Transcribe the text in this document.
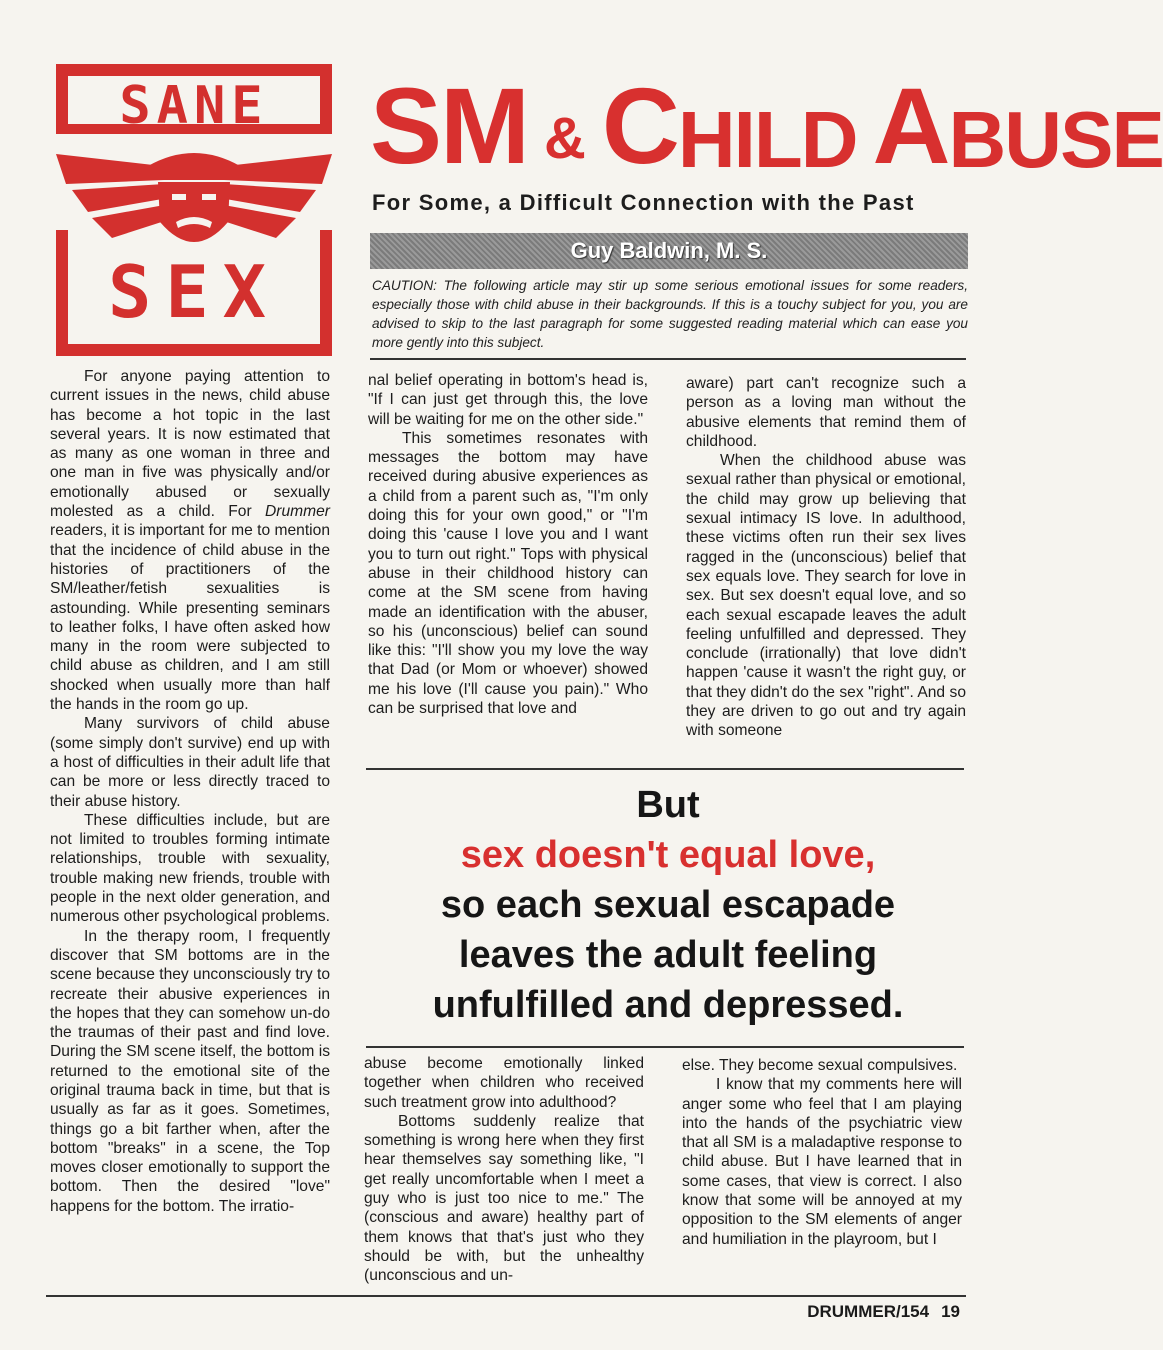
SANE
SEX
SM & C HILD A BUSE
For Some, a Difficult Connection with the Past
Guy Baldwin, M. S.
CAUTION: The following article may stir up some serious emotional issues for some readers, especially those with child abuse in their backgrounds. If this is a touchy subject for you, you are advised to skip to the last paragraph for some suggested reading material which can ease you more gently into this subject.

For anyone paying attention to current issues in the news, child abuse has become a hot topic in the last several years. It is now estimated that as many as one woman in three and one man in five was physically and/or emotionally abused or sexually molested as a child. For Drummer readers, it is important for me to mention that the incidence of child abuse in the histories of practitioners of the SM/leather/fetish sexualities is astounding. While presenting seminars to leather folks, I have often asked how many in the room were subjected to child abuse as children, and I am still shocked when usually more than half the hands in the room go up.

Many survivors of child abuse (some simply don't survive) end up with a host of difficulties in their adult life that can be more or less directly traced to their abuse history.

These difficulties include, but are not limited to troubles forming intimate relationships, trouble with sexuality, trouble making new friends, trouble with people in the next older generation, and numerous other psychological problems.

In the therapy room, I frequently discover that SM bottoms are in the scene because they unconsciously try to recreate their abusive experiences in the hopes that they can somehow un-do the traumas of their past and find love. During the SM scene itself, the bottom is returned to the emotional site of the original trauma back in time, but that is usually as far as it goes. Sometimes, things go a bit farther when, after the bottom "breaks" in a scene, the Top moves closer emotionally to support the bottom. Then the desired "love" happens for the bottom. The irratio-

nal belief operating in bottom's head is, "If I can just get through this, the love will be waiting for me on the other side."

This sometimes resonates with messages the bottom may have received during abusive experiences as a child from a parent such as, "I'm only doing this for your own good," or "I'm doing this 'cause I love you and I want you to turn out right." Tops with physical abuse in their childhood history can come at the SM scene from having made an identification with the abuser, so his (unconscious) belief can sound like this: "I'll show you my love the way that Dad (or Mom or whoever) showed me his love (I'll cause you pain)." Who can be surprised that love and

aware) part can't recognize such a person as a loving man without the abusive elements that remind them of childhood.

When the childhood abuse was sexual rather than physical or emotional, the child may grow up believing that sexual intimacy IS love. In adulthood, these victims often run their sex lives ragged in the (unconscious) belief that sex equals love. They search for love in sex. But sex doesn't equal love, and so each sexual escapade leaves the adult feeling unfulfilled and depressed. They conclude (irrationally) that love didn't happen 'cause it wasn't the right guy, or that they didn't do the sex "right". And so they are driven to go out and try again with someone

But
sex doesn't equal love,
so each sexual escapade
leaves the adult feeling
unfulfilled and depressed.

abuse become emotionally linked together when children who received such treatment grow into adulthood?

Bottoms suddenly realize that something is wrong here when they first hear themselves say something like, "I get really uncomfortable when I meet a guy who is just too nice to me." The (conscious and aware) healthy part of them knows that that's just who they should be with, but the unhealthy (unconscious and un-

else. They become sexual compulsives.

I know that my comments here will anger some who feel that I am playing into the hands of the psychiatric view that all SM is a maladaptive response to child abuse. But I have learned that in some cases, that view is correct. I also know that some will be annoyed at my opposition to the SM elements of anger and humiliation in the playroom, but I

DRUMMER/154 19
